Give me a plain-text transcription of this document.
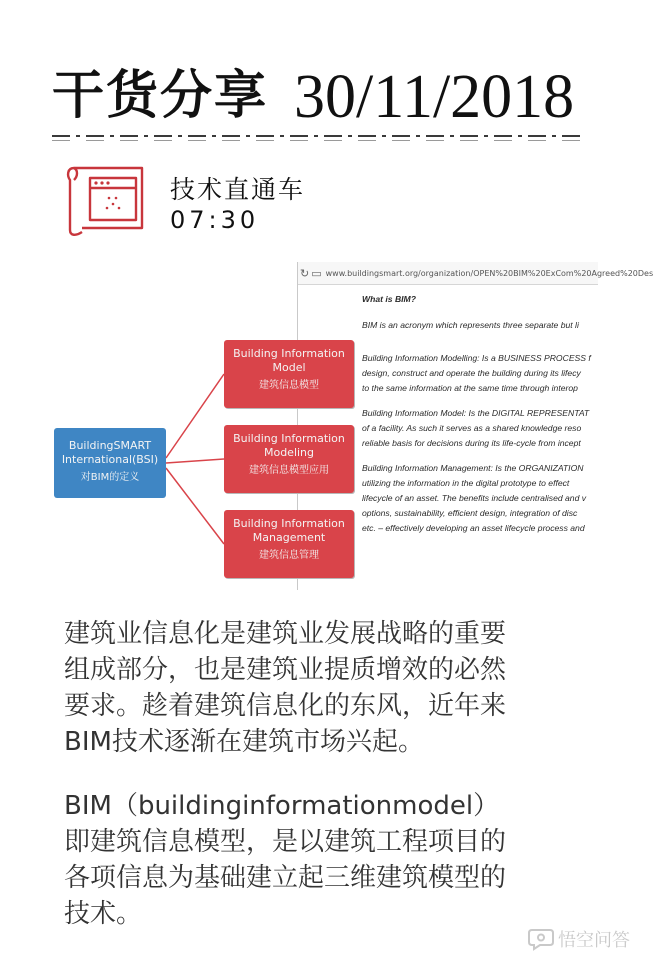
干货分享 30/11/2018
技术直通车
07:30
↻ ▭ www.buildingsmart.org/organization/OPEN%20BIM%20ExCom%20Agreed%20Des
What is BIM?
BIM is an acronym which represents three separate but li
Building Information Modelling: Is a BUSINESS PROCESS f
design, construct and operate the building during its lifecy
to the same information at the same time through interop
Building Information Model: Is the DIGITAL REPRESENTAT
of a facility. As such it serves as a shared knowledge reso
reliable basis for decisions during its life-cycle from incept
Building Information Management: Is the ORGANIZATION
utilizing the information in the digital prototype to effect
lifecycle of an asset. The benefits include centralised and v
options, sustainability, efficient design, integration of disc
etc. – effectively developing an asset lifecycle process and
BuildingSMART
International(BSI)
对BIM的定义
Building Information
Model
建筑信息模型
Building Information
Modeling
建筑信息模型应用
Building Information
Management
建筑信息管理
建筑业信息化是建筑业发展战略的重要
组成部分，也是建筑业提质增效的必然
要求。趁着建筑信息化的东风，近年来
BIM技术逐渐在建筑市场兴起。
BIM（buildinginformationmodel）
即建筑信息模型，是以建筑工程项目的
各项信息为基础建立起三维建筑模型的
技术。
悟空问答
